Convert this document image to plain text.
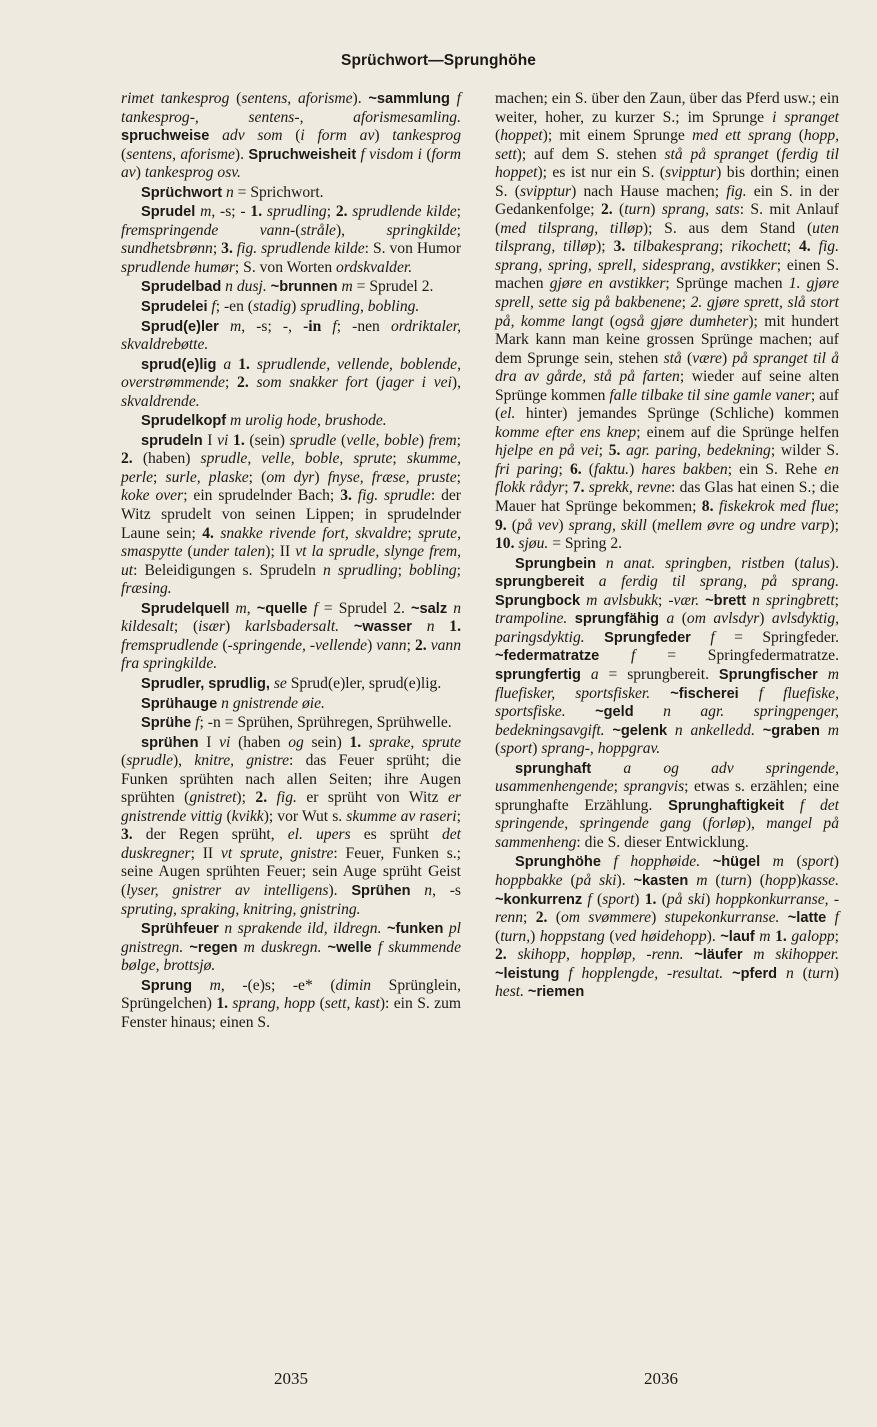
Sprüchwort—Sprunghöhe

rimet tankesprog (sentens, aforisme). ~sammlung f tankesprog-, sentens-, aforismesamling. spruchweise adv som (i form av) tankesprog (sentens, aforisme). Spruchweisheit f visdom i (form av) tankesprog osv.

Sprüchwort n = Sprichwort.

Sprudel m, -s; - 1. sprudling; 2. sprudlende kilde; fremspringende vann-(stråle), springkilde; sundhetsbrønn; 3. fig. sprudlende kilde: S. von Humor sprudlende humør; S. von Worten ordskvalder.

Sprudelbad n dusj. ~brunnen m = Sprudel 2.

Sprudelei f; -en (stadig) sprudling, bobling.

Sprud(e)ler m, -s; -, -in f; -nen ordriktaler, skvaldrebøtte.

sprud(e)lig a 1. sprudlende, vellende, boblende, overstrømmende; 2. som snakker fort (jager i vei), skvaldrende.

Sprudelkopf m urolig hode, brushode.

sprudeln I vi 1. (sein) sprudle (velle, boble) frem; 2. (haben) sprudle, velle, boble, sprute; skumme, perle; surle, plaske; (om dyr) fnyse, fræse, pruste; koke over; ein sprudelnder Bach; 3. fig. sprudle: der Witz sprudelt von seinen Lippen; in sprudelnder Laune sein; 4. snakke rivende fort, skvaldre; sprute, smaspytte (under talen); II vt la sprudle, slynge frem, ut: Beleidigungen s. Sprudeln n sprudling; bobling; fræsing.

Sprudelquell m, ~quelle f = Sprudel 2. ~salz n kildesalt; (især) karlsbadersalt. ~wasser n 1. fremsprudlende (-springende, -vellende) vann; 2. vann fra springkilde.

Sprudler, sprudlig, se Sprud(e)ler, sprud(e)lig.

Sprühauge n gnistrende øie.

Sprühe f; -n = Sprühen, Sprühregen, Sprühwelle.

sprühen I vi (haben og sein) 1. sprake, sprute (sprudle), knitre, gnistre: das Feuer sprüht; die Funken sprühten nach allen Seiten; ihre Augen sprühten (gnistret); 2. fig. er sprüht von Witz er gnistrende vittig (kvikk); vor Wut s. skumme av raseri; 3. der Regen sprüht, el. upers es sprüht det duskregner; II vt sprute, gnistre: Feuer, Funken s.; seine Augen sprühten Feuer; sein Auge sprüht Geist (lyser, gnistrer av intelligens). Sprühen n, -s spruting, spraking, knitring, gnistring.

Sprühfeuer n sprakende ild, ildregn. ~funken pl gnistregn. ~regen m duskregn. ~welle f skummende bølge, brottsjø.

Sprung m, -(e)s; -e* (dimin Sprünglein, Sprüngelchen) 1. sprang, hopp (sett, kast): ein S. zum Fenster hinaus; einen S.

machen; ein S. über den Zaun, über das Pferd usw.; ein weiter, hoher, zu kurzer S.; im Sprunge i spranget (hoppet); mit einem Sprunge med ett sprang (hopp, sett); auf dem S. stehen stå på spranget (ferdig til hoppet); es ist nur ein S. (svipptur) bis dorthin; einen S. (svipptur) nach Hause machen; fig. ein S. in der Gedankenfolge; 2. (turn) sprang, sats: S. mit Anlauf (med tilsprang, tilløp); S. aus dem Stand (uten tilsprang, tilløp); 3. tilbakesprang; rikochett; 4. fig. sprang, spring, sprell, sidesprang, avstikker; einen S. machen gjøre en avstikker; Sprünge machen 1. gjøre sprell, sette sig på bakbenene; 2. gjøre sprett, slå stort på, komme langt (også gjøre dumheter); mit hundert Mark kann man keine grossen Sprünge machen; auf dem Sprunge sein, stehen stå (være) på spranget til å dra av gårde, stå på farten; wieder auf seine alten Sprünge kommen falle tilbake til sine gamle vaner; auf (el. hinter) jemandes Sprünge (Schliche) kommen komme efter ens knep; einem auf die Sprünge helfen hjelpe en på vei; 5. agr. paring, bedekning; wilder S. fri paring; 6. (faktu.) hares bakben; ein S. Rehe en flokk rådyr; 7. sprekk, revne: das Glas hat einen S.; die Mauer hat Sprünge bekommen; 8. fiskekrok med flue; 9. (på vev) sprang, skill (mellem øvre og undre varp); 10. sjøu. = Spring 2.

Sprungbein n anat. springben, ristben (talus). sprungbereit a ferdig til sprang, på sprang. Sprungbock m avlsbukk; -vær. ~brett n springbrett; trampoline. sprungfähig a (om avlsdyr) avlsdyktig, paringsdyktig. Sprungfeder f = Springfeder. ~federmatratze f = Springfedermatratze. sprungfertig a = sprungbereit. Sprungfischer m fluefisker, sportsfisker. ~fischerei f fluefiske, sportsfiske. ~geld n agr. springpenger, bedekningsavgift. ~gelenk n ankelledd. ~graben m (sport) sprang-, hoppgrav.

sprunghaft a og adv springende, usammenhengende; sprangvis; etwas s. erzählen; eine sprunghafte Erzählung. Sprunghaftigkeit f det springende, springende gang (forløp), mangel på sammenheng: die S. dieser Entwicklung.

Sprunghöhe f hopphøide. ~hügel m (sport) hoppbakke (på ski). ~kasten m (turn) (hopp)kasse. ~konkurrenz f (sport) 1. (på ski) hoppkonkurranse, -renn; 2. (om svømmere) stupekonkurranse. ~latte f (turn,) hoppstang (ved høidehopp). ~lauf m 1. galopp; 2. skihopp, hoppløp, -renn. ~läufer m skihopper. ~leistung f hopplengde, -resultat. ~pferd n (turn) hest. ~riemen

2035	2036
